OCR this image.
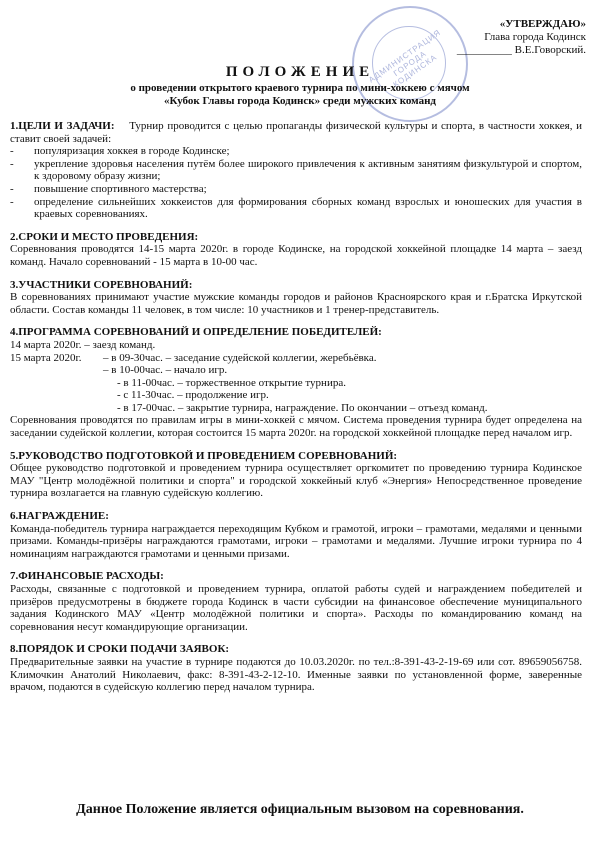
АДМИНИСТРАЦИЯ ГОРОДА КОДИНСКА
«УТВЕРЖДАЮ»
Глава города Кодинск
__________ В.Е.Говорский.
ПОЛОЖЕНИЕ
о проведении открытого краевого турнира по мини-хоккею с мячом
«Кубок Главы города Кодинск» среди мужских команд
1.ЦЕЛИ И ЗАДАЧИ: Турнир проводится с целью пропаганды физической культуры и спорта, в частности хоккея, и ставит своей задачей:
- популяризация хоккея в городе Кодинске;
- укрепление здоровья населения путём более широкого привлечения к активным занятиям физкультурой и спортом, к здоровому образу жизни;
- повышение спортивного мастерства;
- определение сильнейших хоккеистов для формирования сборных команд взрослых и юношеских для участия в краевых соревнованиях.
2.СРОКИ И МЕСТО ПРОВЕДЕНИЯ:
Соревнования проводятся 14-15 марта 2020г. в городе Кодинске, на городской хоккейной площадке 14 марта – заезд команд. Начало соревнований - 15 марта в 10-00 час.
3.УЧАСТНИКИ СОРЕВНОВАНИЙ:
В соревнованиях принимают участие мужские команды городов и районов Красноярского края и г.Братска Иркутской области. Состав команды 11 человек, в том числе: 10 участников и 1 тренер-представитель.
4.ПРОГРАММА СОРЕВНОВАНИЙ И ОПРЕДЕЛЕНИЕ ПОБЕДИТЕЛЕЙ:
14 марта 2020г. – заезд команд.
15 марта 2020г.	– в 09-30час. – заседание судейской коллегии, жеребьёвка.
– в 10-00час. – начало игр.
- в 11-00час. – торжественное открытие турнира.
- с 11-30час. – продолжение игр.
- в 17-00час. – закрытие турнира, награждение. По окончании – отъезд команд.
Соревнования проводятся по правилам игры в мини-хоккей с мячом. Система проведения турнира будет определена на заседании судейской коллегии, которая состоится 15 марта 2020г. на городской хоккейной площадке перед началом игр.
5.РУКОВОДСТВО ПОДГОТОВКОЙ И ПРОВЕДЕНИЕМ СОРЕВНОВАНИЙ:
Общее руководство подготовкой и проведением турнира осуществляет оргкомитет по проведению турнира Кодинское МАУ "Центр молодёжной политики и спорта" и городской хоккейный клуб «Энергия» Непосредственное проведение турнира возлагается на главную судейскую коллегию.
6.НАГРАЖДЕНИЕ:
Команда-победитель турнира награждается переходящим Кубком и грамотой, игроки – грамотами, медалями и ценными призами. Команды-призёры награждаются грамотами, игроки – грамотами и медалями. Лучшие игроки турнира по 4 номинациям награждаются грамотами и ценными призами.
7.ФИНАНСОВЫЕ РАСХОДЫ:
Расходы, связанные с подготовкой и проведением турнира, оплатой работы судей и награждением победителей и призёров предусмотрены в бюджете города Кодинск в части субсидии на финансовое обеспечение муниципального задания Кодинского МАУ «Центр молодёжной политики и спорта». Расходы по командированию команд на соревнования несут командирующие организации.
8.ПОРЯДОК И СРОКИ ПОДАЧИ ЗАЯВОК:
Предварительные заявки на участие в турнире подаются до 10.03.2020г. по тел.:8-391-43-2-19-69 или сот. 89659056758. Климочкин Анатолий Николаевич, факс: 8-391-43-2-12-10. Именные заявки по установленной форме, заверенные врачом, подаются в судейскую коллегию перед началом турнира.
Данное Положение является официальным вызовом на соревнования.
